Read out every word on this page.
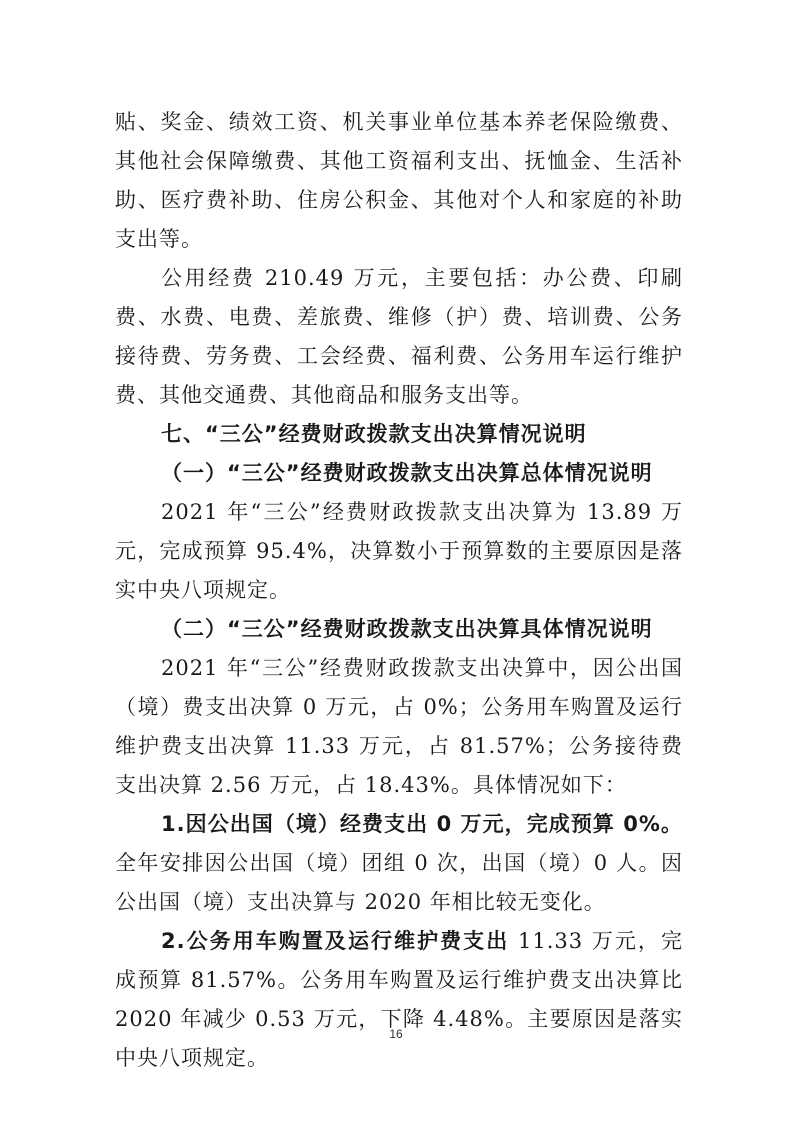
贴、奖金、绩效工资、机关事业单位基本养老保险缴费、其他社会保障缴费、其他工资福利支出、抚恤金、生活补助、医疗费补助、住房公积金、其他对个人和家庭的补助支出等。

公用经费 210.49 万元，主要包括：办公费、印刷费、水费、电费、差旅费、维修（护）费、培训费、公务接待费、劳务费、工会经费、福利费、公务用车运行维护费、其他交通费、其他商品和服务支出等。

七、“三公”经费财政拨款支出决算情况说明

（一）“三公”经费财政拨款支出决算总体情况说明

2021 年“三公”经费财政拨款支出决算为 13.89 万元，完成预算 95.4%，决算数小于预算数的主要原因是落实中央八项规定。

（二）“三公”经费财政拨款支出决算具体情况说明

2021 年“三公”经费财政拨款支出决算中，因公出国（境）费支出决算 0 万元，占 0%；公务用车购置及运行维护费支出决算 11.33 万元，占 81.57%；公务接待费支出决算 2.56 万元，占 18.43%。具体情况如下：

1.因公出国（境）经费支出 0 万元，完成预算 0%。全年安排因公出国（境）团组 0 次，出国（境）0 人。因公出国（境）支出决算与 2020 年相比较无变化。

2.公务用车购置及运行维护费支出 11.33 万元，完成预算 81.57%。公务用车购置及运行维护费支出决算比 2020 年减少 0.53 万元，下降 4.48%。主要原因是落实中央八项规定。

16
